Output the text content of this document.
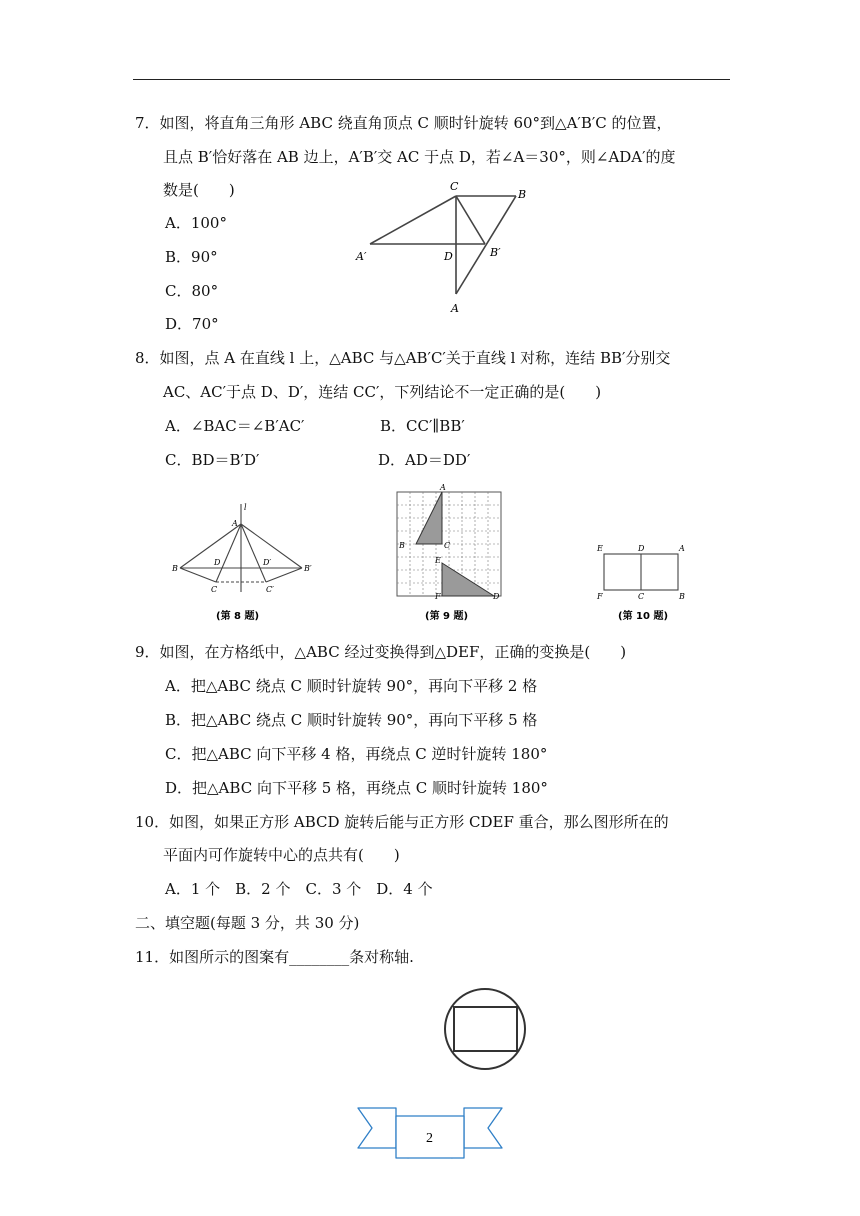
7．如图，将直角三角形 ABC 绕直角顶点 C 顺时针旋转 60°到△A′B′C 的位置，
且点 B′恰好落在 AB 边上，A′B′交 AC 于点 D，若∠A＝30°，则∠ADA′的度
数是(　　)
A．100°
B．90°
C．80°
D．70°
C
B
A′	D	B′
A
8．如图，点 A 在直线 l 上，△ABC 与△AB′C′关于直线 l 对称，连结 BB′分别交
AC、AC′于点 D、D′，连结 CC′，下列结论不一定正确的是(　　)
A．∠BAC＝∠B′AC′	B．CC′∥BB′
C．BD＝B′D′	D．AD＝DD′
l
A
B	B′
D	D′
C	C′
(第 8 题)
A
B	C
E
F	D
(第 9 题)
E	D	A
F	C	B
(第 10 题)
9．如图，在方格纸中，△ABC 经过变换得到△DEF，正确的变换是(　　)
A．把△ABC 绕点 C 顺时针旋转 90°，再向下平移 2 格
B．把△ABC 绕点 C 顺时针旋转 90°，再向下平移 5 格
C．把△ABC 向下平移 4 格，再绕点 C 逆时针旋转 180°
D．把△ABC 向下平移 5 格，再绕点 C 顺时针旋转 180°
10．如图，如果正方形 ABCD 旋转后能与正方形 CDEF 重合，那么图形所在的
平面内可作旋转中心的点共有(　　)
A．1 个　B．2 个　C．3 个　D．4 个
二、填空题(每题 3 分，共 30 分)
11．如图所示的图案有________条对称轴.
2
